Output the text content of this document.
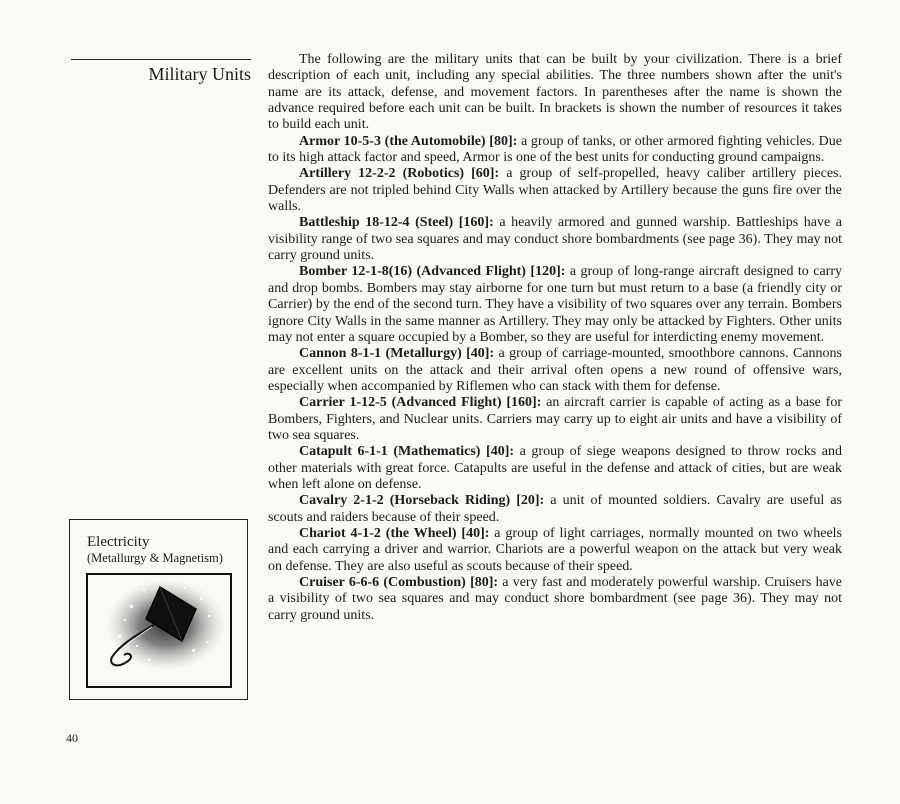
Military Units

The following are the military units that can be built by your civilization. There is a brief description of each unit, including any special abilities. The three numbers shown after the unit's name are its attack, defense, and movement factors. In parentheses after the name is shown the advance required before each unit can be built. In brackets is shown the number of resources it takes to build each unit.

Armor 10-5-3 (the Automobile) [80]: a group of tanks, or other armored fighting vehicles. Due to its high attack factor and speed, Armor is one of the best units for conducting ground campaigns.

Artillery 12-2-2 (Robotics) [60]: a group of self-propelled, heavy caliber artillery pieces. Defenders are not tripled behind City Walls when attacked by Artillery because the guns fire over the walls.

Battleship 18-12-4 (Steel) [160]: a heavily armored and gunned warship. Battleships have a visibility range of two sea squares and may conduct shore bombardments (see page 36). They may not carry ground units.

Bomber 12-1-8(16) (Advanced Flight) [120]: a group of long-range aircraft designed to carry and drop bombs. Bombers may stay airborne for one turn but must return to a base (a friendly city or Carrier) by the end of the second turn. They have a visibility of two squares over any terrain. Bombers ignore City Walls in the same manner as Artillery. They may only be attacked by Fighters. Other units may not enter a square occupied by a Bomber, so they are useful for interdicting enemy movement.

Cannon 8-1-1 (Metallurgy) [40]: a group of carriage-mounted, smoothbore cannons. Cannons are excellent units on the attack and their arrival often opens a new round of offensive wars, especially when accompanied by Riflemen who can stack with them for defense.

Carrier 1-12-5 (Advanced Flight) [160]: an aircraft carrier is capable of acting as a base for Bombers, Fighters, and Nuclear units. Carriers may carry up to eight air units and have a visibility of two sea squares.

Catapult 6-1-1 (Mathematics) [40]: a group of siege weapons designed to throw rocks and other materials with great force. Catapults are useful in the defense and attack of cities, but are weak when left alone on defense.

Cavalry 2-1-2 (Horseback Riding) [20]: a unit of mounted soldiers. Cavalry are useful as scouts and raiders because of their speed.

Chariot 4-1-2 (the Wheel) [40]: a group of light carriages, normally mounted on two wheels and each carrying a driver and warrior. Chariots are a powerful weapon on the attack but very weak on defense. They are also useful as scouts because of their speed.

Cruiser 6-6-6 (Combustion) [80]: a very fast and moderately powerful warship. Cruisers have a visibility of two sea squares and may conduct shore bombardment (see page 36). They may not carry ground units.

Electricity
(Metallurgy & Magnetism)
40
